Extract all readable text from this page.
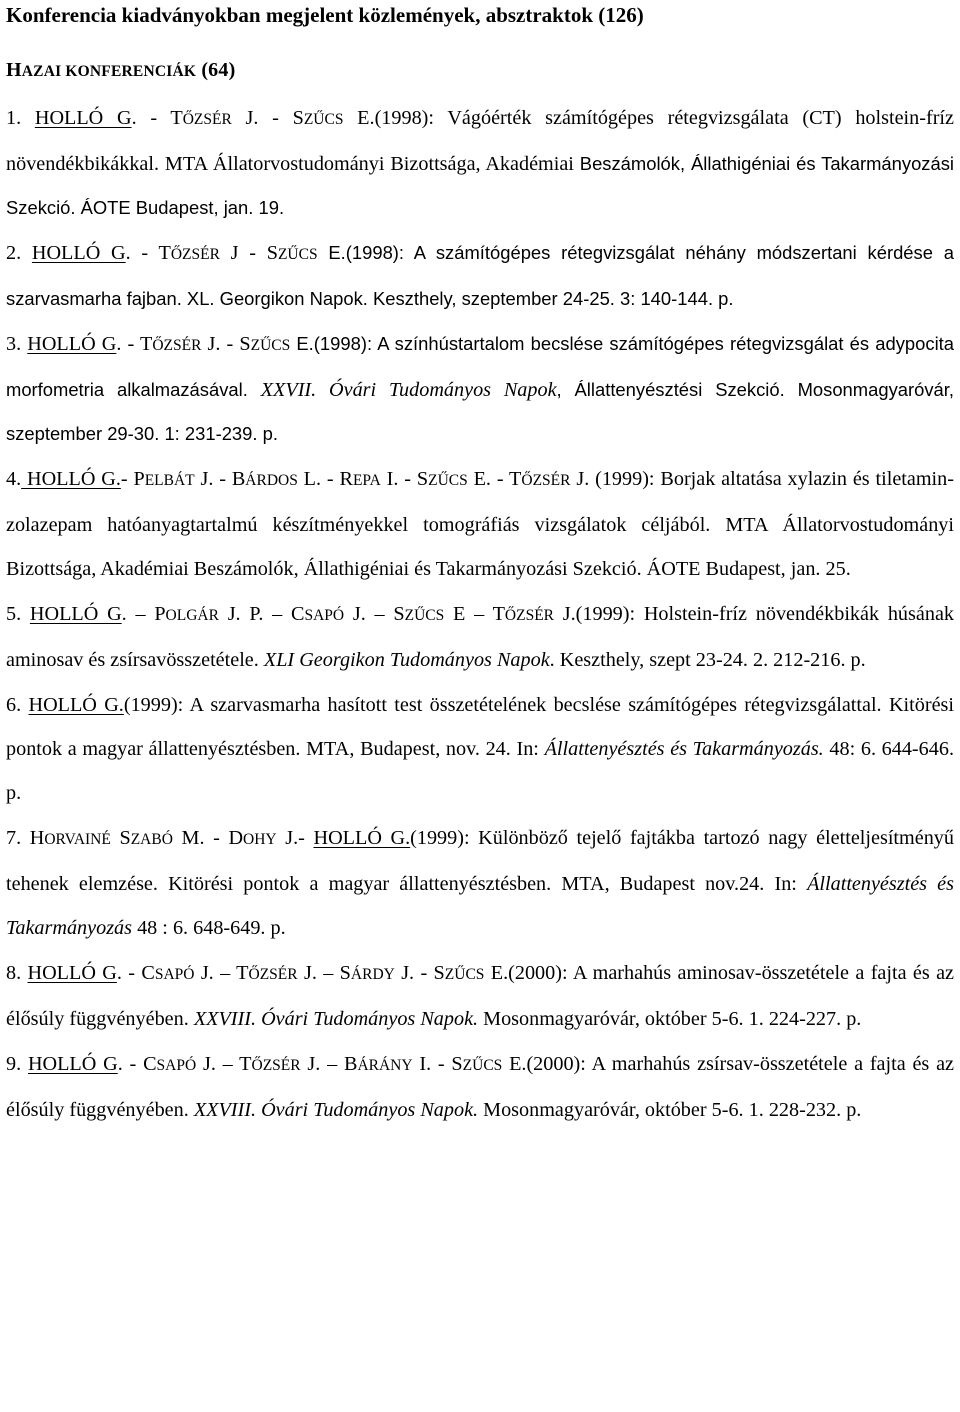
Konferencia kiadványokban megjelent közlemények, absztraktok (126)
HAZAI KONFERENCIÁK (64)

1. HOLLÓ G. - TŐZSÉR J. - SZŰCS E.(1998): Vágóérték számítógépes rétegvizsgálata (CT) holstein-fríz növendékbikákkal. MTA Állatorvostudományi Bizottsága, Akadémiai Beszámolók, Állathigéniai és Takarmányozási Szekció. ÁOTE Budapest, jan. 19.

2. HOLLÓ G. - TŐZSÉR J - SZŰCS E.(1998): A számítógépes rétegvizsgálat néhány módszertani kérdése a szarvasmarha fajban. XL. Georgikon Napok. Keszthely, szeptember 24-25. 3: 140-144. p.

3. HOLLÓ G. - TŐZSÉR J. - SZŰCS E.(1998): A színhústartalom becslése számítógépes rétegvizsgálat és adypocita morfometria alkalmazásával. XXVII. Óvári Tudományos Napok, Állattenyésztési Szekció. Mosonmagyaróvár, szeptember 29-30. 1: 231-239. p.

4. HOLLÓ G.- PELBÁT J. - BÁRDOS L. - REPA I. - SZŰCS E. - TŐZSÉR J. (1999): Borjak altatása xylazin és tiletamin-zolazepam hatóanyagtartalmú készítményekkel tomográfiás vizsgálatok céljából. MTA Állatorvostudományi Bizottsága, Akadémiai Beszámolók, Állathigéniai és Takarmányozási Szekció. ÁOTE Budapest, jan. 25.

5. HOLLÓ G. – POLGÁR J. P. – CSAPÓ J. – SZŰCS E – TŐZSÉR J.(1999): Holstein-fríz növendékbikák húsának aminosav és zsírsavösszetétele. XLI Georgikon Tudományos Napok. Keszthely, szept 23-24. 2. 212-216. p.

6. HOLLÓ G.(1999): A szarvasmarha hasított test összetételének becslése számítógépes rétegvizsgálattal. Kitörési pontok a magyar állattenyésztésben. MTA, Budapest, nov. 24. In: Állattenyésztés és Takarmányozás. 48: 6. 644-646. p.

7. HORVAINÉ SZABÓ M. - DOHY J.- HOLLÓ G.(1999): Különböző tejelő fajtákba tartozó nagy életteljesítményű tehenek elemzése. Kitörési pontok a magyar állattenyésztésben. MTA, Budapest nov.24. In: Állattenyésztés és Takarmányozás 48 : 6. 648-649. p.

8. HOLLÓ G. - CSAPÓ J. – TŐZSÉR J. – SÁRDY J. - SZŰCS E.(2000): A marhahús aminosav-összetétele a fajta és az élősúly függvényében. XXVIII. Óvári Tudományos Napok. Mosonmagyaróvár, október 5-6. 1. 224-227. p.

9. HOLLÓ G. - CSAPÓ J. – TŐZSÉR J. – BÁRÁNY I. - SZŰCS E.(2000): A marhahús zsírsav-összetétele a fajta és az élősúly függvényében. XXVIII. Óvári Tudományos Napok. Mosonmagyaróvár, október 5-6. 1. 228-232. p.
